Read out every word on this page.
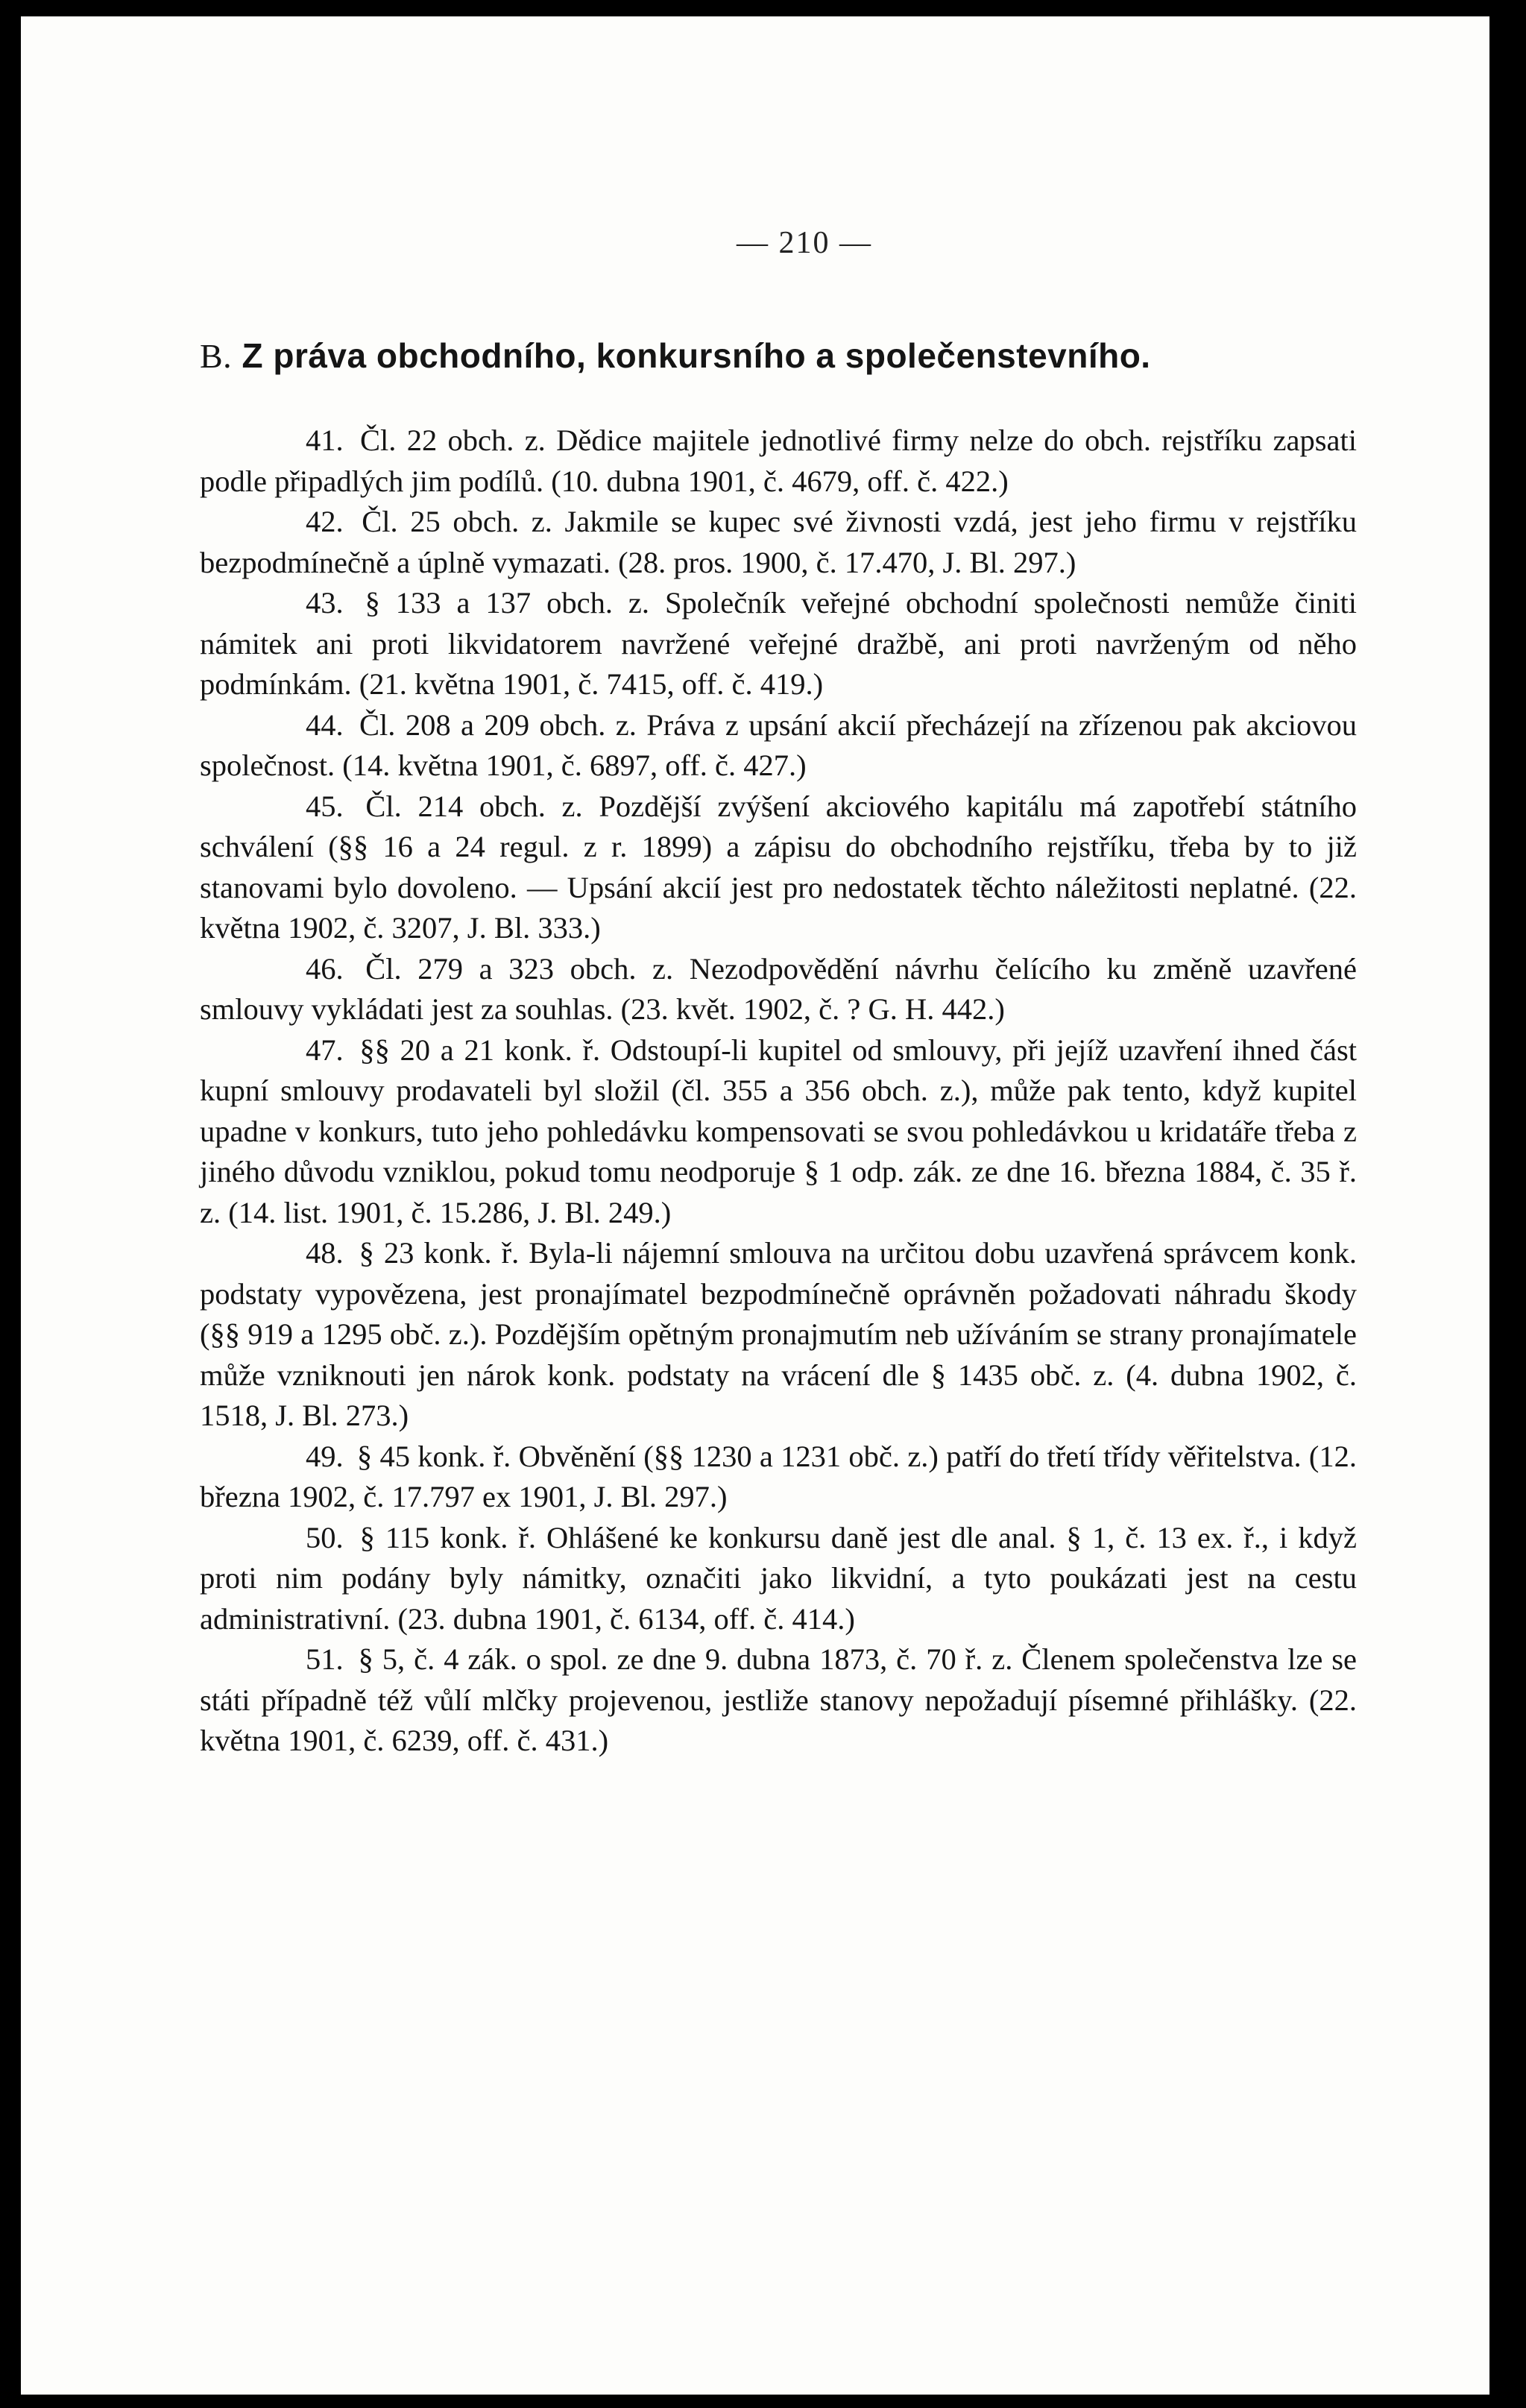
— 210 —
B. Z práva obchodního, konkursního a společenstevního.

41. Čl. 22 obch. z. Dědice majitele jednotlivé firmy nelze do obch. rejstříku zapsati podle připadlých jim podílů. (10. dubna 1901, č. 4679, off. č. 422.)

42. Čl. 25 obch. z. Jakmile se kupec své živnosti vzdá, jest jeho firmu v rejstříku bezpodmínečně a úplně vymazati. (28. pros. 1900, č. 17.470, J. Bl. 297.)

43. § 133 a 137 obch. z. Společník veřejné obchodní společnosti nemůže činiti námitek ani proti likvidatorem navržené veřejné dražbě, ani proti navrženým od něho podmínkám. (21. května 1901, č. 7415, off. č. 419.)

44. Čl. 208 a 209 obch. z. Práva z upsání akcií přecházejí na zřízenou pak akciovou společnost. (14. května 1901, č. 6897, off. č. 427.)

45. Čl. 214 obch. z. Pozdější zvýšení akciového kapitálu má zapotřebí státního schválení (§§ 16 a 24 regul. z r. 1899) a zápisu do obchodního rejstříku, třeba by to již stanovami bylo dovoleno. — Upsání akcií jest pro nedostatek těchto náležitosti neplatné. (22. května 1902, č. 3207, J. Bl. 333.)

46. Čl. 279 a 323 obch. z. Nezodpovědění návrhu čelícího ku změně uzavřené smlouvy vykládati jest za souhlas. (23. květ. 1902, č. ? G. H. 442.)

47. §§ 20 a 21 konk. ř. Odstoupí-li kupitel od smlouvy, při jejíž uzavření ihned část kupní smlouvy prodavateli byl složil (čl. 355 a 356 obch. z.), může pak tento, když kupitel upadne v konkurs, tuto jeho pohledávku kompensovati se svou pohledávkou u kridatáře třeba z jiného důvodu vzniklou, pokud tomu neodporuje § 1 odp. zák. ze dne 16. března 1884, č. 35 ř. z. (14. list. 1901, č. 15.286, J. Bl. 249.)

48. § 23 konk. ř. Byla-li nájemní smlouva na určitou dobu uzavřená správcem konk. podstaty vypovězena, jest pronajímatel bezpodmínečně oprávněn požadovati náhradu škody (§§ 919 a 1295 obč. z.). Pozdějším opětným pronajmutím neb užíváním se strany pronajímatele může vzniknouti jen nárok konk. podstaty na vrácení dle § 1435 obč. z. (4. dubna 1902, č. 1518, J. Bl. 273.)

49. § 45 konk. ř. Obvěnění (§§ 1230 a 1231 obč. z.) patří do třetí třídy věřitelstva. (12. března 1902, č. 17.797 ex 1901, J. Bl. 297.)

50. § 115 konk. ř. Ohlášené ke konkursu daně jest dle anal. § 1, č. 13 ex. ř., i když proti nim podány byly námitky, označiti jako likvidní, a tyto poukázati jest na cestu administrativní. (23. dubna 1901, č. 6134, off. č. 414.)

51. § 5, č. 4 zák. o spol. ze dne 9. dubna 1873, č. 70 ř. z. Členem společenstva lze se státi případně též vůlí mlčky projevenou, jestliže stanovy nepožadují písemné přihlášky. (22. května 1901, č. 6239, off. č. 431.)
